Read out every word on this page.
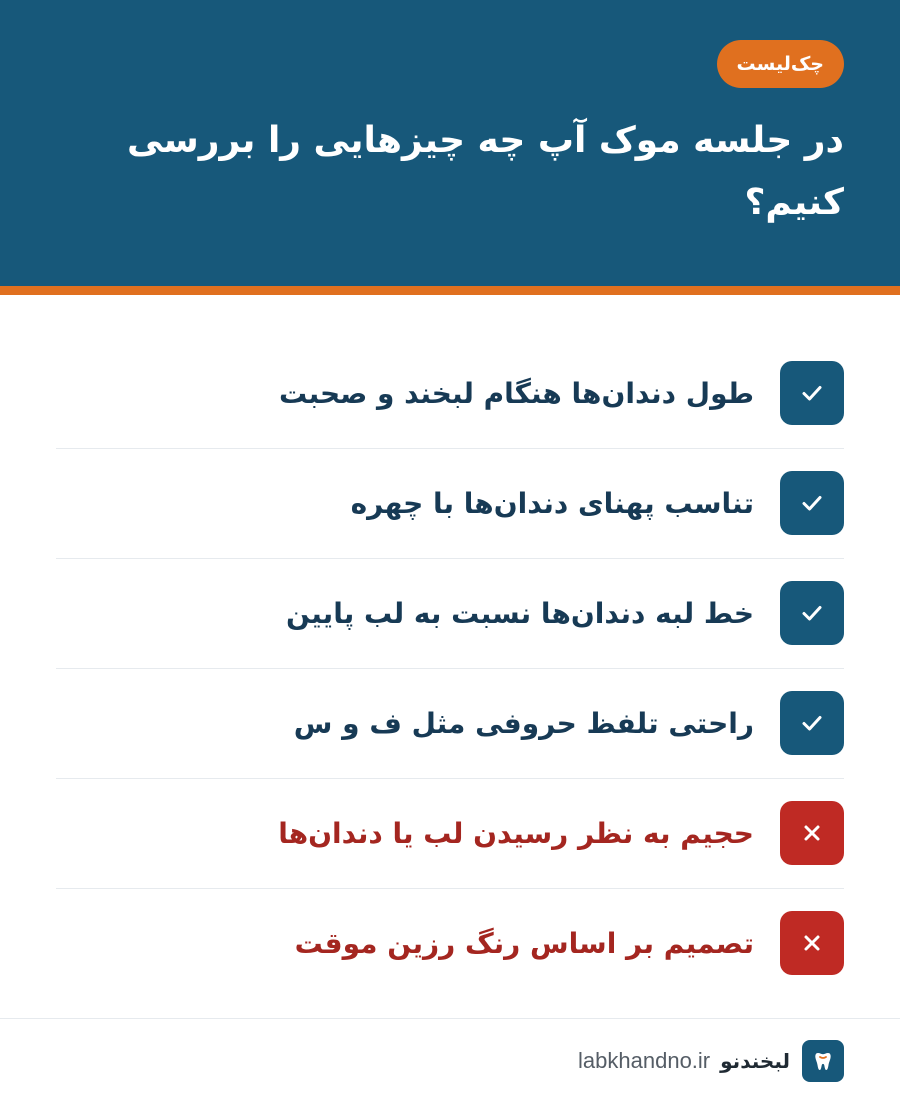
چک‌لیست
در جلسه موک آپ چه چیزهایی را بررسی کنیم؟
طول دندان‌ها هنگام لبخند و صحبت
تناسب پهنای دندان‌ها با چهره
خط لبه دندان‌ها نسبت به لب پایین
راحتی تلفظ حروفی مثل ف و س
حجیم به نظر رسیدن لب یا دندان‌ها
تصمیم بر اساس رنگ رزین موقت
لبخندنو
labkhandno.ir
